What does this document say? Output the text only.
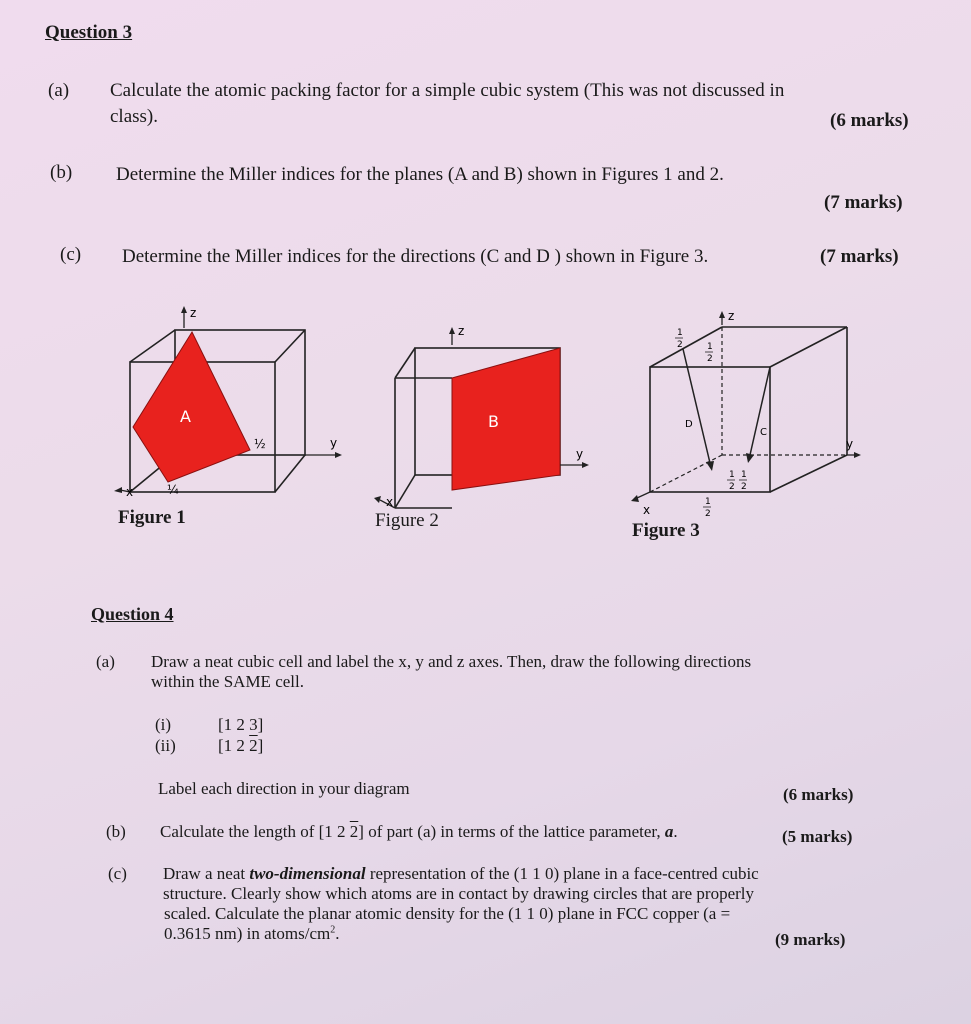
Question 3
(a) Calculate the atomic packing factor for a simple cubic system (This was not discussed in
class).	(6 marks)
(b) Determine the Miller indices for the planes (A and B) shown in Figures 1 and 2.
(7 marks)
(c) Determine the Miller indices for the directions (C and D ) shown in Figure 3.	(7 marks)
A
z
y
x
½
¼
Figure 1
B
z
y
x
Figure 2
D
C
z
y
x
1
2	1
2
1
2
1
2
1
2
Figure 3
Question 4
(a) Draw a neat cubic cell and label the x, y and z axes. Then, draw the following directions
within the SAME cell.
(i)	[1 2 3]
(ii) [1 2 2]
Label each direction in your diagram	(6 marks)
(b) Calculate the length of [1 2 2] of part (a) in terms of the lattice parameter, a.	(5 marks)
(c) Draw a neat two-dimensional representation of the (1 1 0) plane in a face-centred cubic
structure. Clearly show which atoms are in contact by drawing circles that are properly
scaled. Calculate the planar atomic density for the (1 1 0) plane in FCC copper (a =
0.3615 nm) in atoms/$cm^2$.	(9 marks)
